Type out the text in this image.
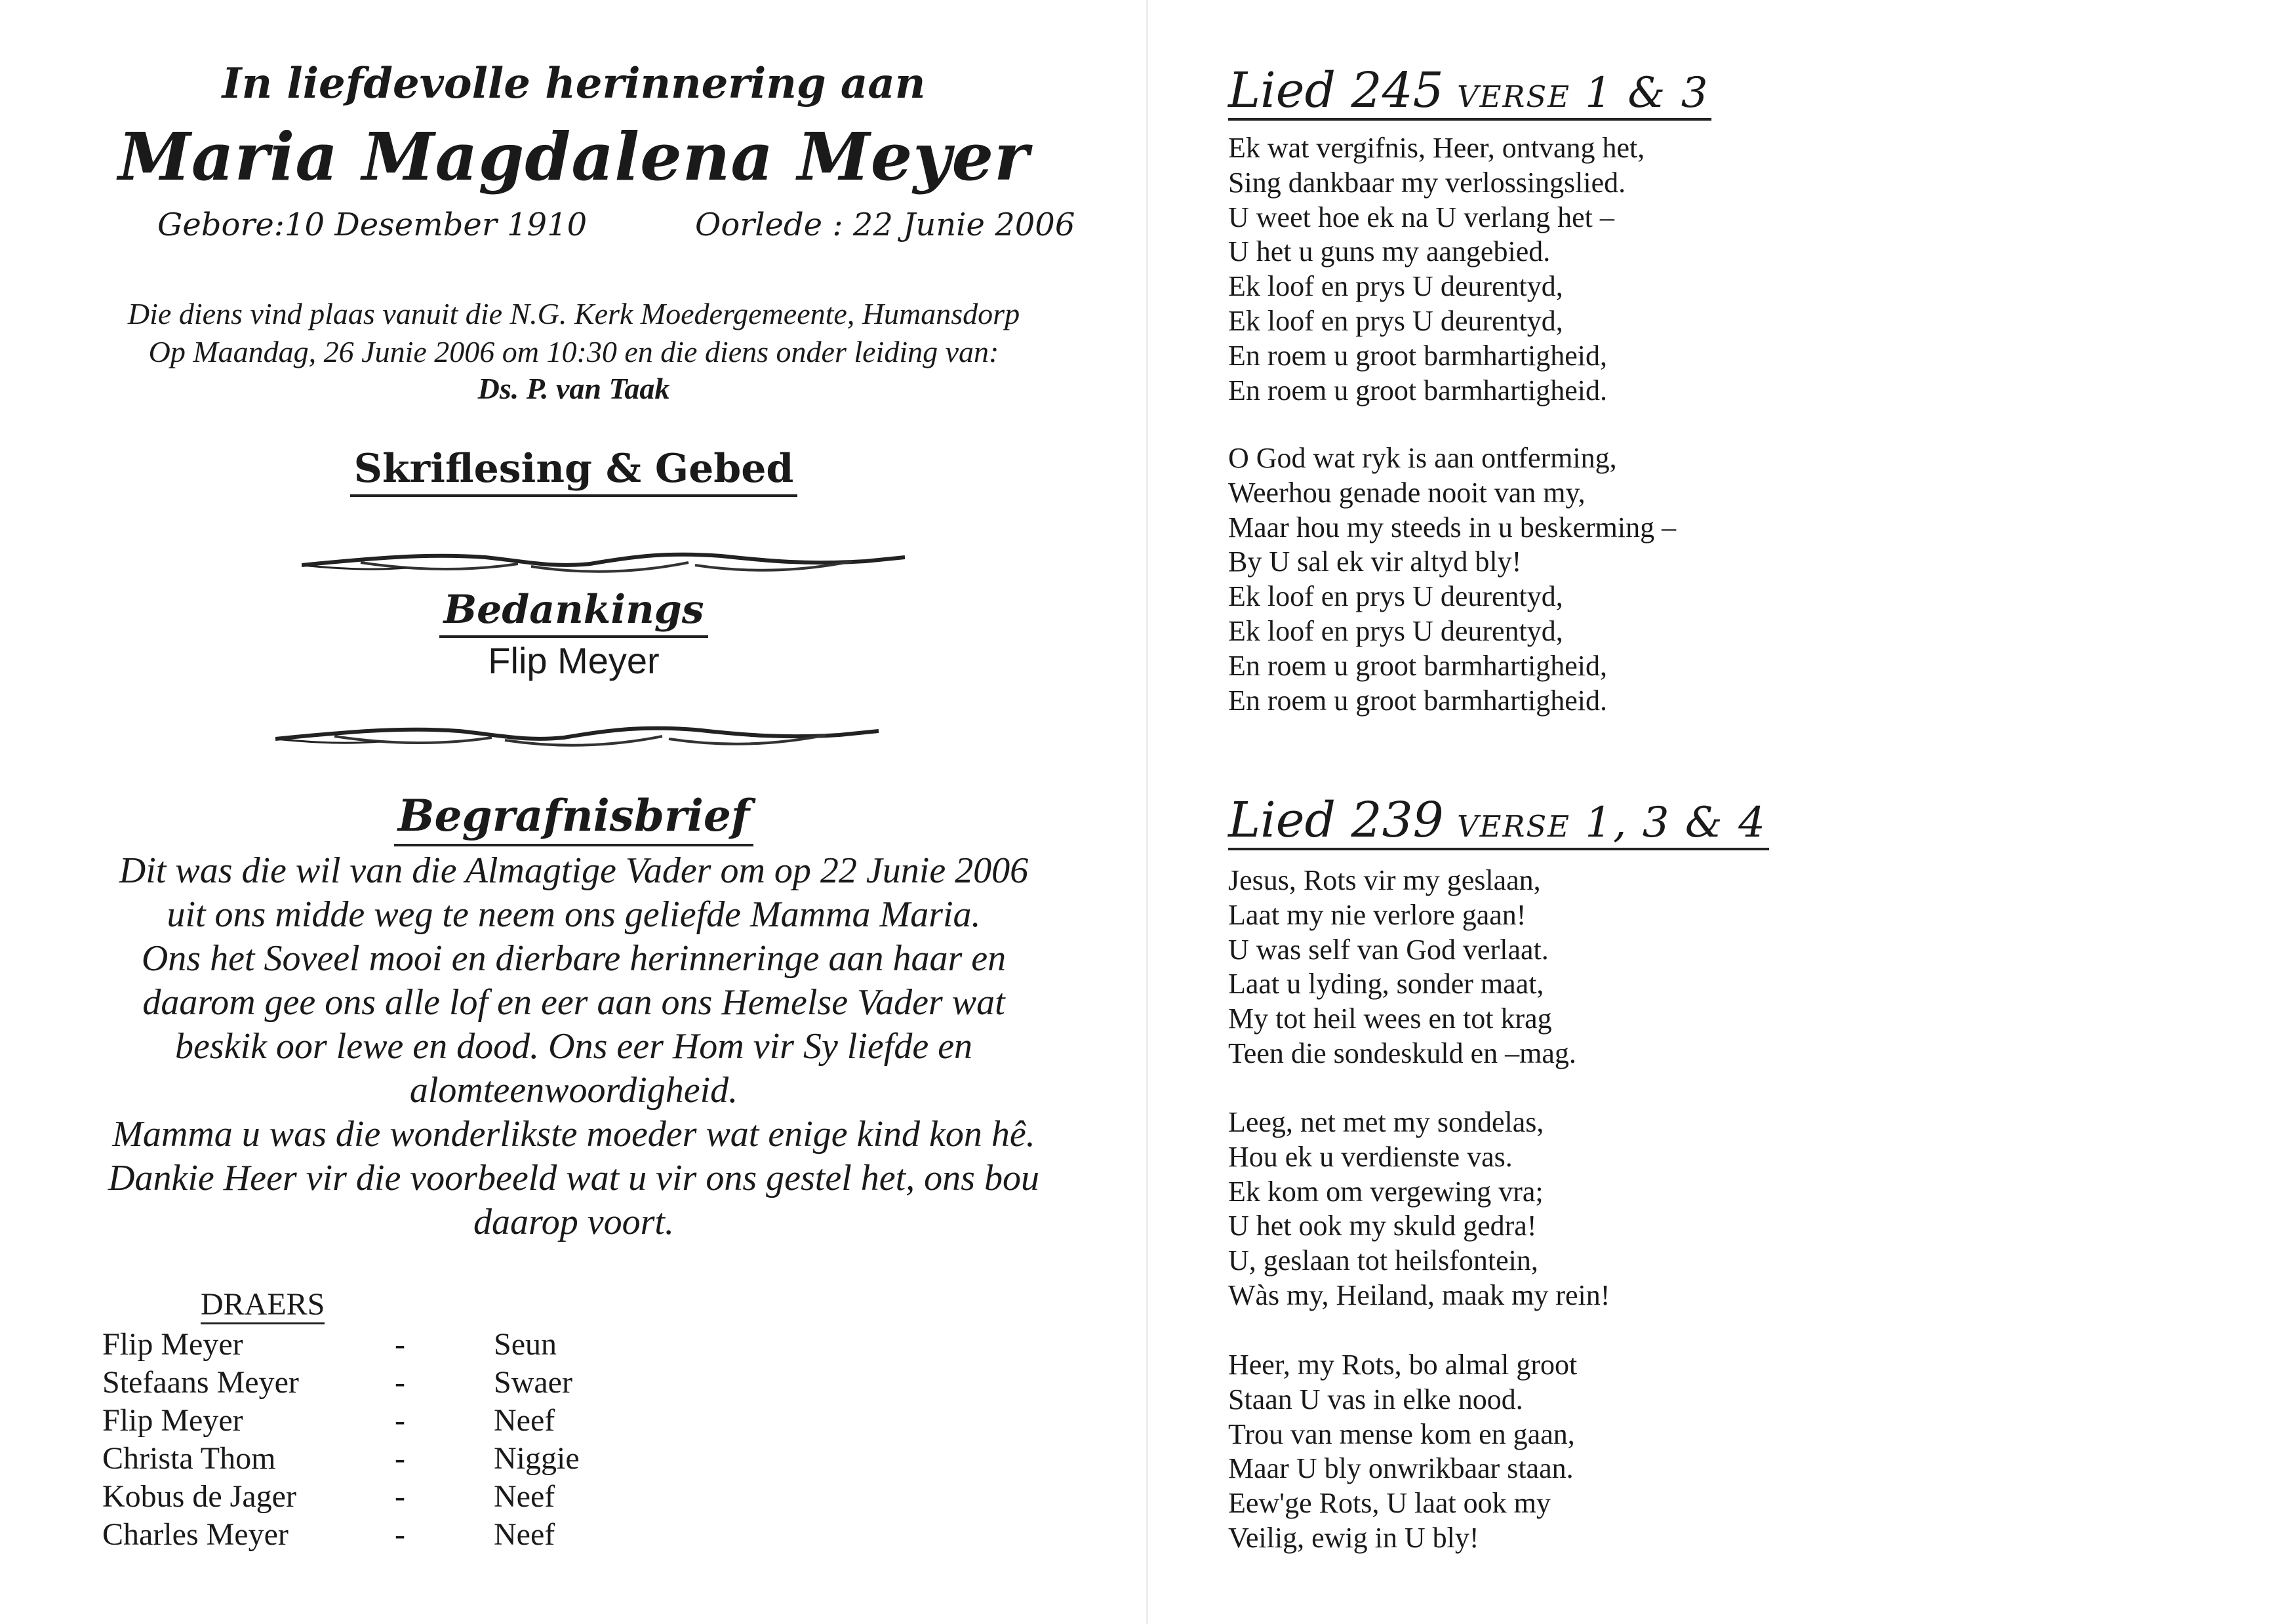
In liefdevolle herinnering aan
Maria Magdalena Meyer
Gebore:10 Desember 1910	Oorlede : 22 Junie 2006
Die diens vind plaas vanuit die N.G. Kerk Moedergemeente, Humansdorp
Op Maandag, 26 Junie 2006 om 10:30 en die diens onder leiding van:
Ds. P. van Taak
Skriflesing & Gebed
Bedankings
Flip Meyer
Begrafnisbrief

Dit was die wil van die Almagtige Vader om op 22 Junie 2006

uit ons midde weg te neem ons geliefde Mamma Maria.

Ons het Soveel mooi en dierbare herinneringe aan haar en

daarom gee ons alle lof en eer aan ons Hemelse Vader wat

beskik oor lewe en dood. Ons eer Hom vir Sy liefde en

alomteenwoordigheid.

Mamma u was die wonderlikste moeder wat enige kind kon hê.

Dankie Heer vir die voorbeeld wat u vir ons gestel het, ons bou

daarop voort.

DRAERS
Flip Meyer	-	Seun
Stefaans Meyer	-	Swaer
Flip Meyer	-	Neef
Christa Thom	-	Niggie
Kobus de Jager	-	Neef
Charles Meyer	-	Neef
Lied 245 verse 1 & 3
Ek wat vergifnis, Heer, ontvang het,
Sing dankbaar my verlossingslied.
U weet hoe ek na U verlang het –
U het u guns my aangebied.
Ek loof en prys U deurentyd,
Ek loof en prys U deurentyd,
En roem u groot barmhartigheid,
En roem u groot barmhartigheid.
O God wat ryk is aan ontferming,
Weerhou genade nooit van my,
Maar hou my steeds in u beskerming –
By U sal ek vir altyd bly!
Ek loof en prys U deurentyd,
Ek loof en prys U deurentyd,
En roem u groot barmhartigheid,
En roem u groot barmhartigheid.
Lied 239 verse 1, 3 & 4
Jesus, Rots vir my geslaan,
Laat my nie verlore gaan!
U was self van God verlaat.
Laat u lyding, sonder maat,
My tot heil wees en tot krag
Teen die sondeskuld en –mag.
Leeg, net met my sondelas,
Hou ek u verdienste vas.
Ek kom om vergewing vra;
U het ook my skuld gedra!
U, geslaan tot heilsfontein,
Wàs my, Heiland, maak my rein!
Heer, my Rots, bo almal groot
Staan U vas in elke nood.
Trou van mense kom en gaan,
Maar U bly onwrikbaar staan.
Eew'ge Rots, U laat ook my
Veilig, ewig in U bly!
